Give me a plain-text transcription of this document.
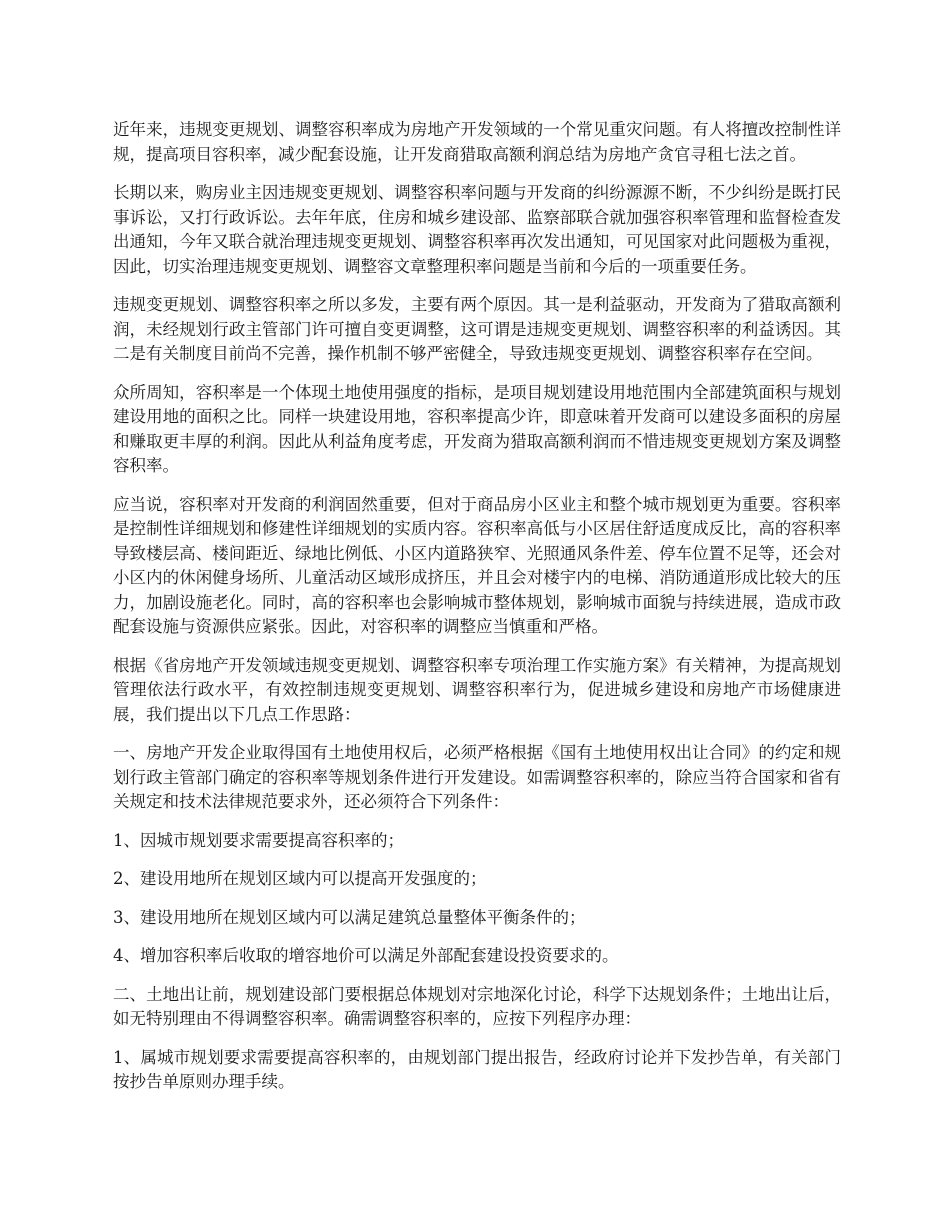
近年来，违规变更规划、调整容积率成为房地产开发领域的一个常见重灾问题。有人将擅改控制性详规，提高项目容积率，减少配套设施，让开发商猎取高额利润总结为房地产贪官寻租七法之首。

长期以来，购房业主因违规变更规划、调整容积率问题与开发商的纠纷源源不断，不少纠纷是既打民事诉讼，又打行政诉讼。去年年底，住房和城乡建设部、监察部联合就加强容积率管理和监督检查发出通知，今年又联合就治理违规变更规划、调整容积率再次发出通知，可见国家对此问题极为重视，因此，切实治理违规变更规划、调整容文章整理积率问题是当前和今后的一项重要任务。

违规变更规划、调整容积率之所以多发，主要有两个原因。其一是利益驱动，开发商为了猎取高额利润，未经规划行政主管部门许可擅自变更调整，这可谓是违规变更规划、调整容积率的利益诱因。其二是有关制度目前尚不完善，操作机制不够严密健全，导致违规变更规划、调整容积率存在空间。

众所周知，容积率是一个体现土地使用强度的指标，是项目规划建设用地范围内全部建筑面积与规划建设用地的面积之比。同样一块建设用地，容积率提高少许，即意味着开发商可以建设多面积的房屋和赚取更丰厚的利润。因此从利益角度考虑，开发商为猎取高额利润而不惜违规变更规划方案及调整容积率。

应当说，容积率对开发商的利润固然重要，但对于商品房小区业主和整个城市规划更为重要。容积率是控制性详细规划和修建性详细规划的实质内容。容积率高低与小区居住舒适度成反比，高的容积率导致楼层高、楼间距近、绿地比例低、小区内道路狭窄、光照通风条件差、停车位置不足等，还会对小区内的休闲健身场所、儿童活动区域形成挤压，并且会对楼宇内的电梯、消防通道形成比较大的压力，加剧设施老化。同时，高的容积率也会影响城市整体规划，影响城市面貌与持续进展，造成市政配套设施与资源供应紧张。因此，对容积率的调整应当慎重和严格。

根据《省房地产开发领域违规变更规划、调整容积率专项治理工作实施方案》有关精神，为提高规划管理依法行政水平，有效控制违规变更规划、调整容积率行为，促进城乡建设和房地产市场健康进展，我们提出以下几点工作思路：

一、房地产开发企业取得国有土地使用权后，必须严格根据《国有土地使用权出让合同》的约定和规划行政主管部门确定的容积率等规划条件进行开发建设。如需调整容积率的，除应当符合国家和省有关规定和技术法律规范要求外，还必须符合下列条件：

1、因城市规划要求需要提高容积率的；

2、建设用地所在规划区域内可以提高开发强度的；

3、建设用地所在规划区域内可以满足建筑总量整体平衡条件的；

4、增加容积率后收取的增容地价可以满足外部配套建设投资要求的。

二、土地出让前，规划建设部门要根据总体规划对宗地深化讨论，科学下达规划条件；土地出让后，如无特别理由不得调整容积率。确需调整容积率的，应按下列程序办理：

1、属城市规划要求需要提高容积率的，由规划部门提出报告，经政府讨论并下发抄告单，有关部门按抄告单原则办理手续。
